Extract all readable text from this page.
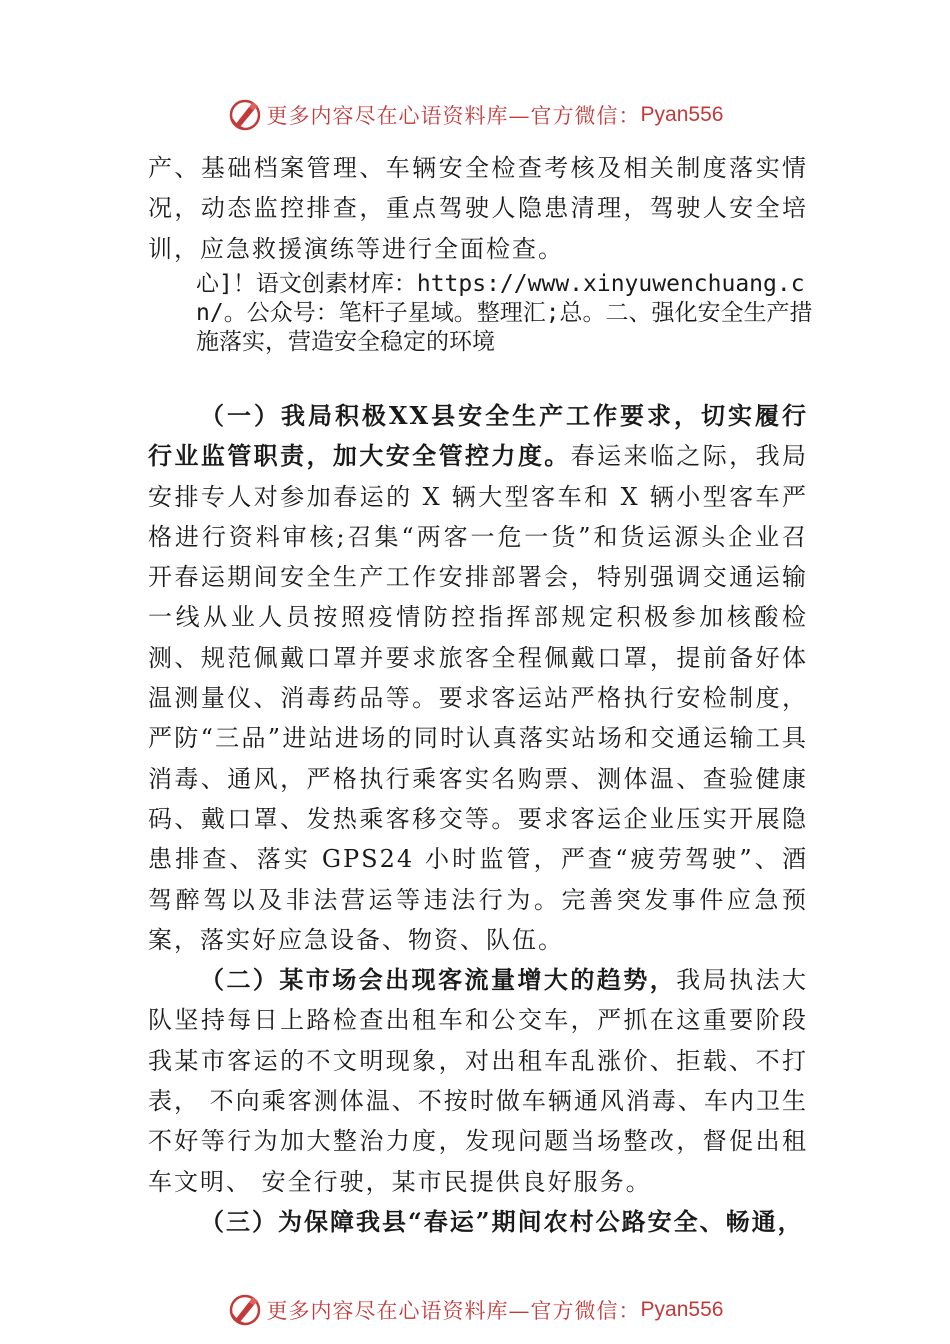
更多内容尽在心语资料库—官方微信： Pyan556

产、基础档案管理、车辆安全检查考核及相关制度落实情况，动态监控排查，重点驾驶人隐患清理，驾驶人安全培训，应急救援演练等进行全面检查。

心]！语文创素材库：https://www.xinyuwenchuang.cn/。公众号：笔杆子星域。整理汇;总。二、强化安全生产措施落实，营造安全稳定的环境

（一）我局积极XX县安全生产工作要求，切实履行行业监管职责，加大安全管控力度。春运来临之际，我局安排专人对参加春运的 X 辆大型客车和 X 辆小型客车严格进行资料审核;召集“两客一危一货”和货运源头企业召开春运期间安全生产工作安排部署会，特别强调交通运输一线从业人员按照疫情防控指挥部规定积极参加核酸检测、规范佩戴口罩并要求旅客全程佩戴口罩，提前备好体温测量仪、消毒药品等。要求客运站严格执行安检制度，严防“三品”进站进场的同时认真落实站场和交通运输工具消毒、通风，严格执行乘客实名购票、测体温、查验健康码、戴口罩、发热乘客移交等。要求客运企业压实开展隐患排查、落实 GPS24 小时监管，严查“疲劳驾驶”、酒驾醉驾以及非法营运等违法行为。完善突发事件应急预案，落实好应急设备、物资、队伍。

（二）某市场会出现客流量增大的趋势，我局执法大队坚持每日上路检查出租车和公交车，严抓在这重要阶段我某市客运的不文明现象，对出租车乱涨价、拒载、不打表， 不向乘客测体温、不按时做车辆通风消毒、车内卫生不好等行为加大整治力度，发现问题当场整改，督促出租车文明、 安全行驶，某市民提供良好服务。

（三）为保障我县“春运”期间农村公路安全、畅通，

更多内容尽在心语资料库—官方微信： Pyan556
